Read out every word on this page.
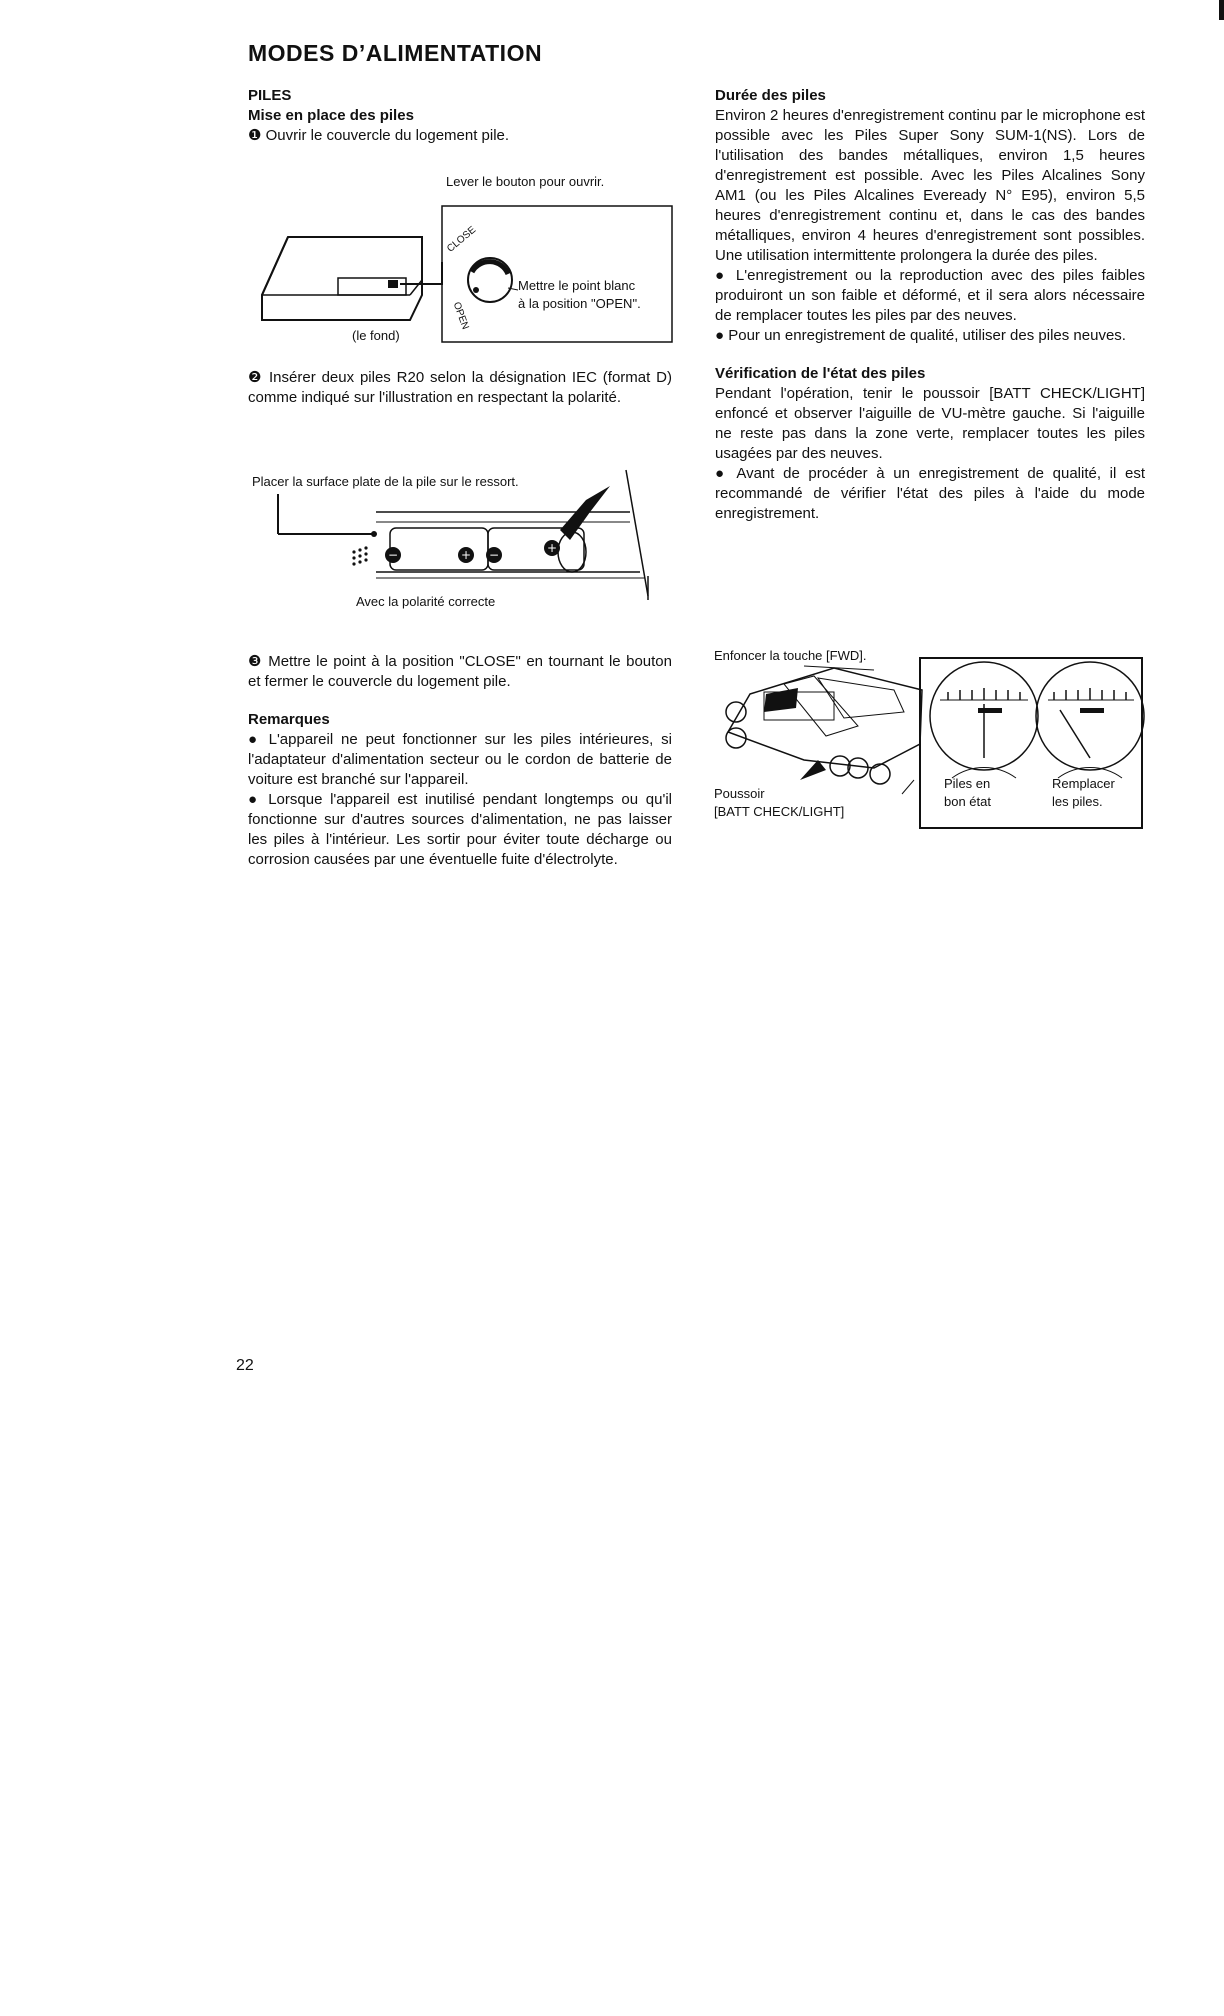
MODES D’ALIMENTATION

PILES

Mise en place des piles

❶ Ouvrir le couvercle du logement pile.

Lever le bouton pour ouvrir.
CLOSE
OPEN
Mettre le point blanc
à la position "OPEN".
(le fond)

❷ Insérer deux piles R20 selon la désignation IEC (format D) comme indiqué sur l'illustration en respectant la polarité.

Placer la surface plate de la pile sur le ressort.
−	+ −	+
Avec la polarité correcte

❸ Mettre le point à la position "CLOSE" en tournant le bouton et fermer le couvercle du logement pile.

Remarques

● L'appareil ne peut fonctionner sur les piles intérieures, si l'adaptateur d'alimentation secteur ou le cordon de batterie de voiture est branché sur l'appareil.

● Lorsque l'appareil est inutilisé pendant longtemps ou qu'il fonctionne sur d'autres sources d'alimentation, ne pas laisser les piles à l'intérieur. Les sortir pour éviter toute décharge ou corrosion causées par une éventuelle fuite d'électrolyte.

Durée des piles

Environ 2 heures d'enregistrement continu par le microphone est possible avec les Piles Super Sony SUM-1(NS). Lors de l'utilisation des bandes métalliques, environ 1,5 heures d'enregistrement est possible. Avec les Piles Alcalines Sony AM1 (ou les Piles Alcalines Eveready N° E95), environ 5,5 heures d'enregistrement continu et, dans le cas des bandes métalliques, environ 4 heures d'enregistrement sont possibles. Une utilisation intermittente prolongera la durée des piles.

● L'enregistrement ou la reproduction avec des piles faibles produiront un son faible et déformé, et il sera alors nécessaire de remplacer toutes les piles par des neuves.

● Pour un enregistrement de qualité, utiliser des piles neuves.

Vérification de l'état des piles

Pendant l'opération, tenir le poussoir [BATT CHECK/LIGHT] enfoncé et observer l'aiguille de VU-mètre gauche. Si l'aiguille ne reste pas dans la zone verte, remplacer toutes les piles usagées par des neuves.

● Avant de procéder à un enregistrement de qualité, il est recommandé de vérifier l'état des piles à l'aide du mode enregistrement.

Enfoncer la touche [FWD].
Poussoir
[BATT CHECK/LIGHT]
Piles en
bon état
Remplacer
les piles.
22
